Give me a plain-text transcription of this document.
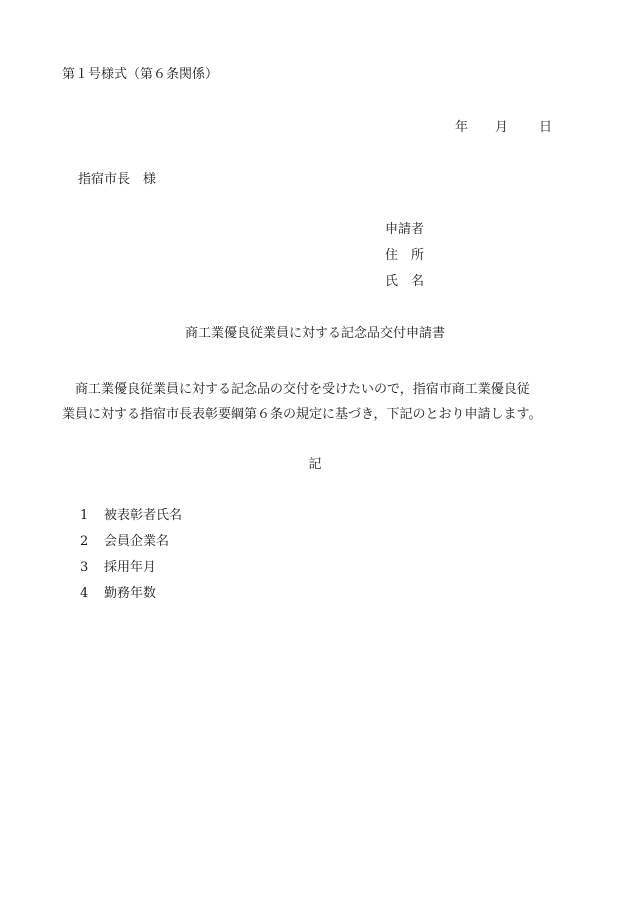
第１号様式（第６条関係）
年 月 日
指宿市長　様
申請者
住　所
氏　名
商工業優良従業員に対する記念品交付申請書

　商工業優良従業員に対する記念品の交付を受けたいので，指宿市商工業優良従

業員に対する指宿市長表彰要綱第６条の規定に基づき，下記のとおり申請します。

記
1 被表彰者氏名
2 会員企業名
3 採用年月
4 勤務年数
